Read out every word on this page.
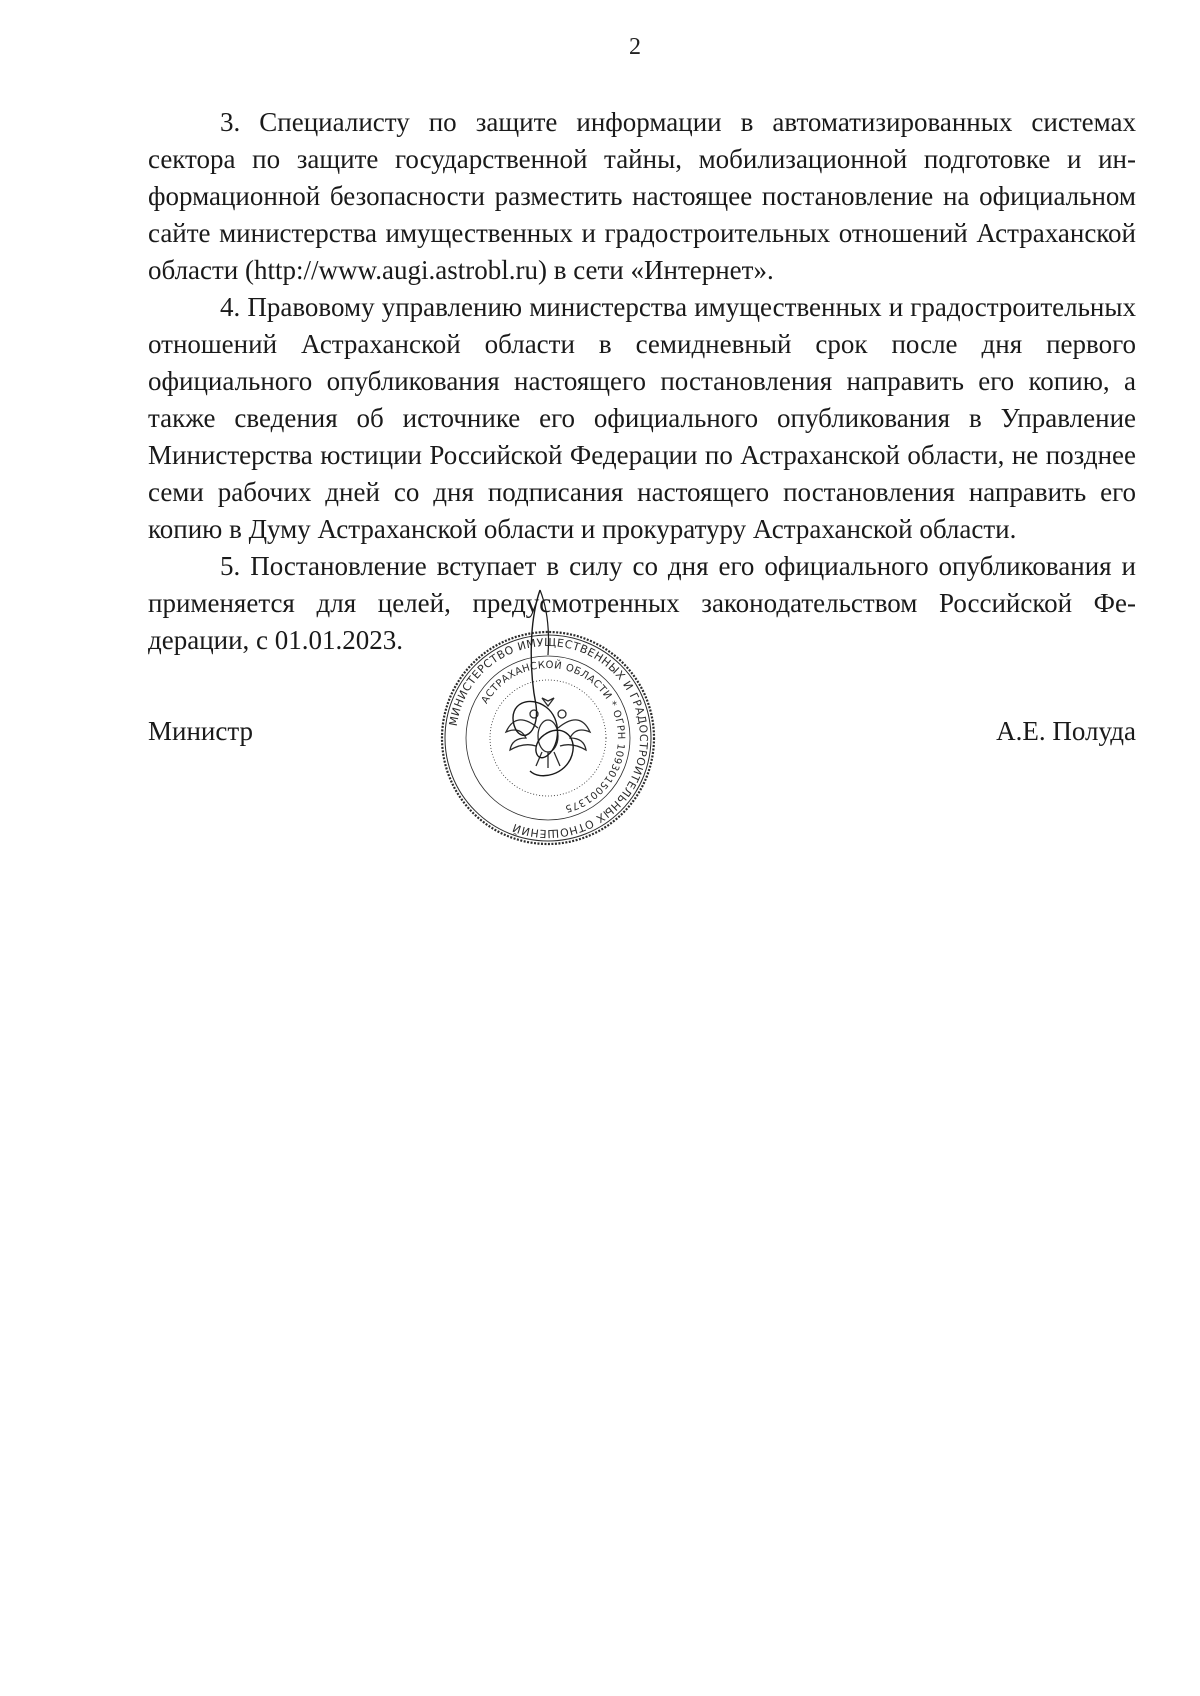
2

3. Специалисту по защите информации в автоматизированных системах сектора по защите государственной тайны, мобилизационной подготовке и информационной безопасности разместить настоящее постановление на официальном сайте министерства имущественных и градостроительных отношений Астраханской области (http://www.augi.astrobl.ru) в сети «Интернет».

4. Правовому управлению министерства имущественных и градостроительных отношений Астраханской области в семидневный срок после дня первого официального опубликования настоящего постановления направить его копию, а также сведения об источнике его официального опубликования в Управление Министерства юстиции Российской Федерации по Астраханской области, не позднее семи рабочих дней со дня подписания настоящего постановления направить его копию в Думу Астраханской области и прокуратуру Астраханской области.

5. Постановление вступает в силу со дня его официального опубликования и применяется для целей, предусмотренных законодательством Российской Федерации, с 01.01.2023.

МИНИСТЕРСТВО ИМУЩЕСТВЕННЫХ И ГРАДОСТРОИТЕЛЬНЫХ ОТНОШЕНИЙ
АСТРАХАНСКОЙ ОБЛАСТИ * ОГРН 1093015001375
Министр	А.Е. Полуда
